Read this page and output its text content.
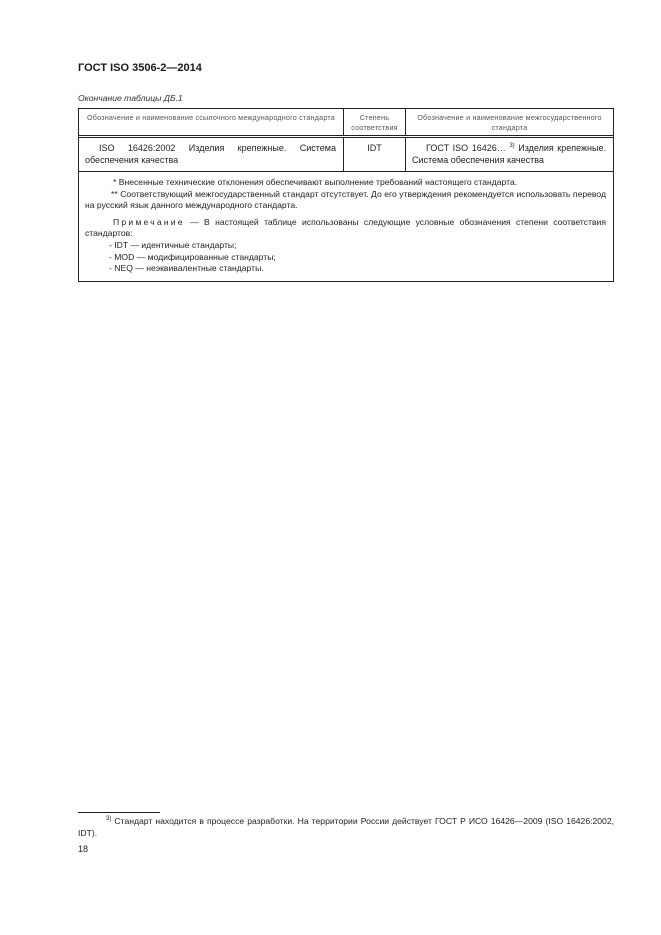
ГОСТ ISO 3506-2—2014
Окончание таблицы ДБ.1
Обозначение и наименование ссылочного международного стандарта	Степень соответствия
Обозначение и наименование межгосударственного стандарта
ISO 16426:2002 Изделия крепежные. Система обеспечения качества
IDT	ГОСТ ISO 16426… $^{3)}$ Изделия крепежные. Система обеспечения качества

* Внесенные технические отклонения обеспечивают выполнение требований настоящего стандарта.

** Соответствующий межгосударственный стандарт отсутствует. До его утверждения рекомендуется использовать перевод на русский язык данного международного стандарта.

Примечание — В настоящей таблице использованы следующие условные обозначения степени соответствия стандартов:

- IDT — идентичные стандарты;

- MOD — модифицированные стандарты;

- NEQ — неэквивалентные стандарты.

$^{3)}$ Стандарт находится в процессе разработки. На территории России действует ГОСТ Р ИСО 16426—2009 (ISO 16426:2002, IDT).
18
